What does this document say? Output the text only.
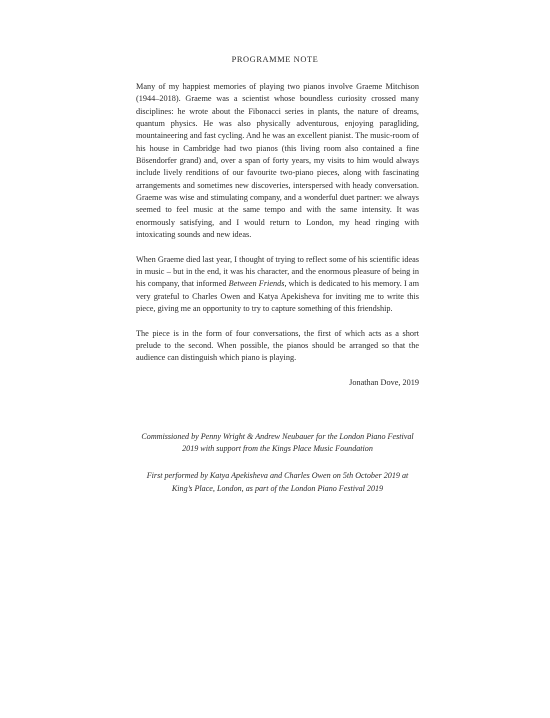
PROGRAMME NOTE

Many of my happiest memories of playing two pianos involve Graeme Mitchison (1944–2018). Graeme was a scientist whose boundless curiosity crossed many disciplines: he wrote about the Fibonacci series in plants, the nature of dreams, quantum physics. He was also physically adventurous, enjoying paragliding, mountaineering and fast cycling. And he was an excellent pianist. The music-room of his house in Cambridge had two pianos (this living room also contained a fine Bösendorfer grand) and, over a span of forty years, my visits to him would always include lively renditions of our favourite two-piano pieces, along with fascinating arrangements and sometimes new discoveries, interspersed with heady conversation. Graeme was wise and stimulating company, and a wonderful duet partner: we always seemed to feel music at the same tempo and with the same intensity. It was enormously satisfying, and I would return to London, my head ringing with intoxicating sounds and new ideas.

When Graeme died last year, I thought of trying to reflect some of his scientific ideas in music – but in the end, it was his character, and the enormous pleasure of being in his company, that informed Between Friends, which is dedicated to his memory. I am very grateful to Charles Owen and Katya Apekisheva for inviting me to write this piece, giving me an opportunity to try to capture something of this friendship.

The piece is in the form of four conversations, the first of which acts as a short prelude to the second. When possible, the pianos should be arranged so that the audience can distinguish which piano is playing.

Jonathan Dove, 2019

Commissioned by Penny Wright & Andrew Neubauer for the London Piano Festival 2019 with support from the Kings Place Music Foundation

First performed by Katya Apekisheva and Charles Owen on 5th October 2019 at King’s Place, London, as part of the London Piano Festival 2019
